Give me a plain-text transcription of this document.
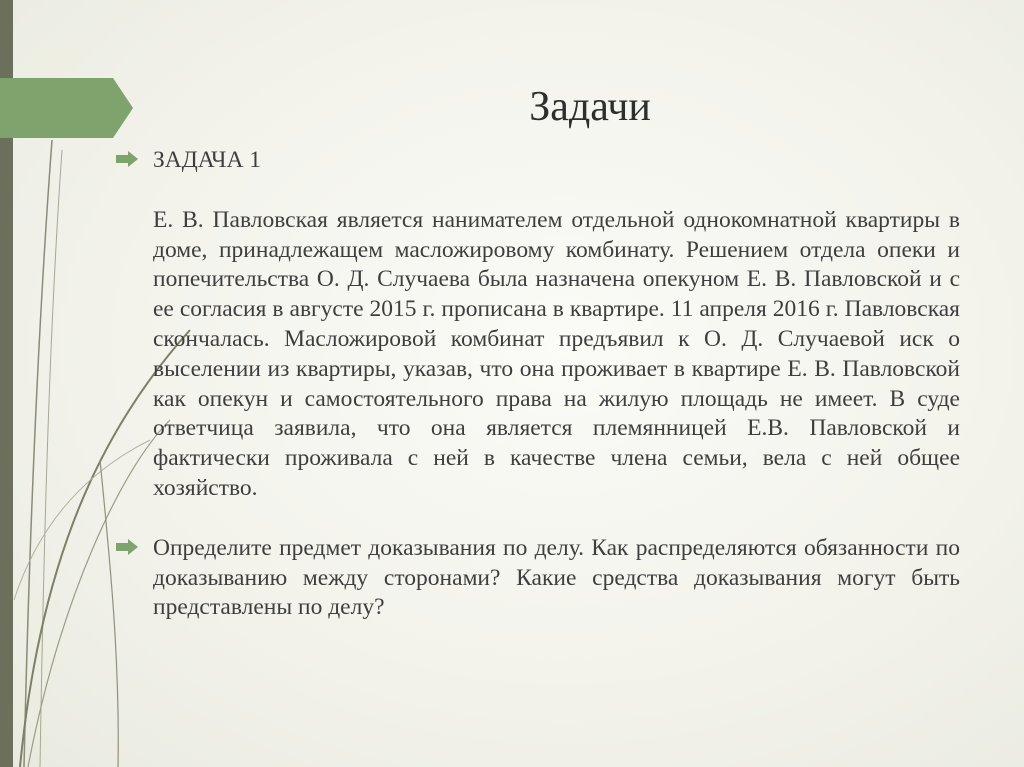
Задачи

ЗАДАЧА 1

Е. В. Павловская является нанимателем отдельной однокомнатной квартиры в доме, принадлежащем масложировому комбинату. Решением отдела опеки и попечительства О. Д. Случаева была назначена опекуном Е. В. Павловской и с ее согласия в августе 2015 г. прописана в квартире. 11 апреля 2016 г. Павловская скончалась. Масложировой комбинат предъявил к О. Д. Случаевой иск о выселении из квартиры, указав, что она проживает в квартире Е. В. Павловской как опекун и самостоятельного права на жилую площадь не имеет. В суде ответчица заявила, что она является племянницей Е.В. Павловской и фактически проживала с ней в качестве члена семьи, вела с ней общее хозяйство.

Определите предмет доказывания по делу. Как распределяются обязанности по доказыванию между сторонами? Какие средства доказывания могут быть представлены по делу?
